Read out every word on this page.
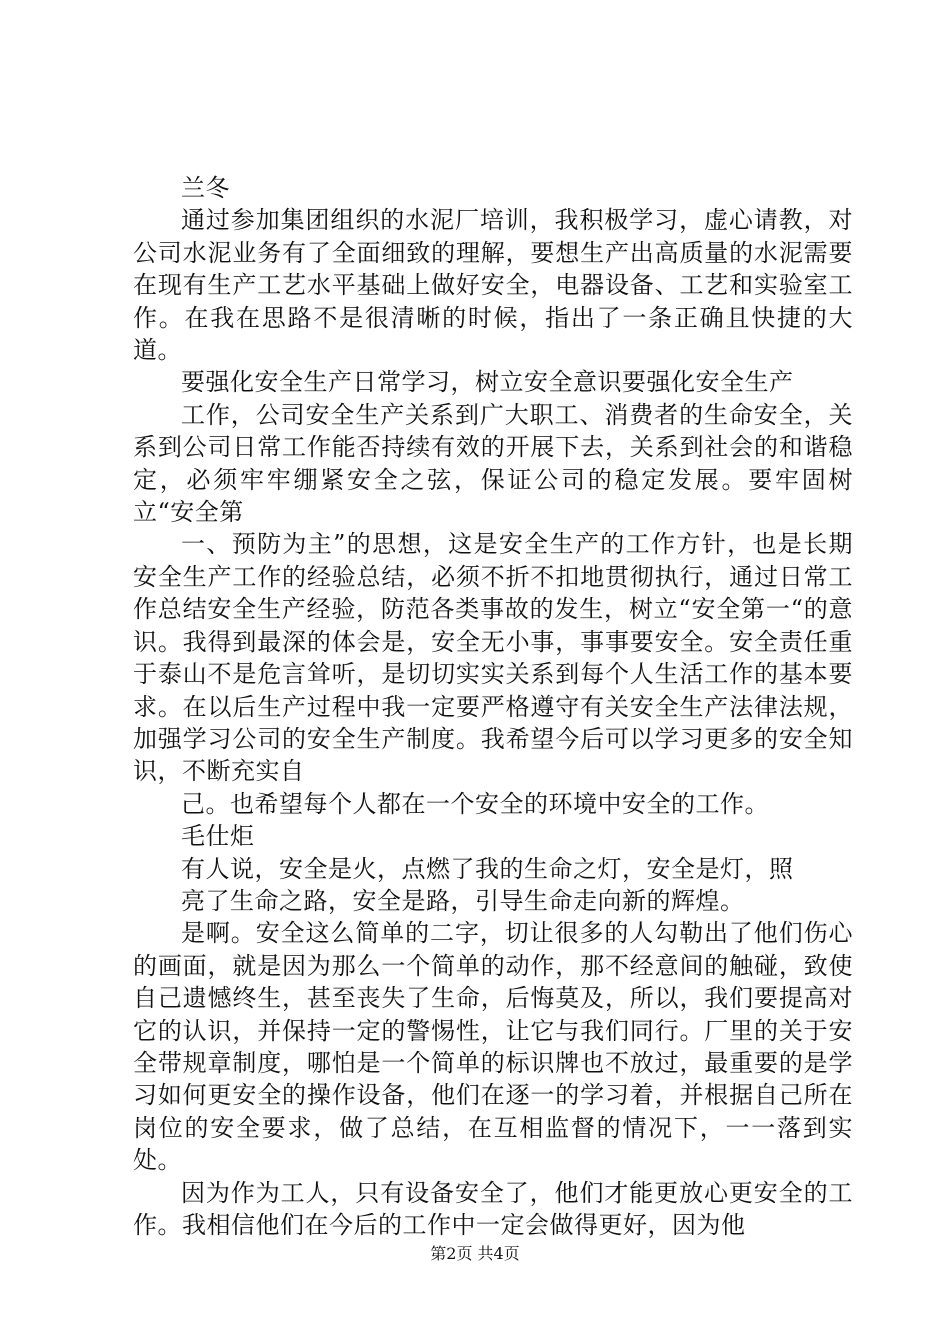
兰冬

通过参加集团组织的水泥厂培训，我积极学习，虚心请教，对公司水泥业务有了全面细致的理解，要想生产出高质量的水泥需要在现有生产工艺水平基础上做好安全，电器设备、工艺和实验室工作。在我在思路不是很清晰的时候，指出了一条正确且快捷的大道。

要强化安全生产日常学习，树立安全意识要强化安全生产

工作，公司安全生产关系到广大职工、消费者的生命安全，关系到公司日常工作能否持续有效的开展下去，关系到社会的和谐稳定，必须牢牢绷紧安全之弦，保证公司的稳定发展。要牢固树立“安全第

一、预防为主”的思想，这是安全生产的工作方针，也是长期安全生产工作的经验总结，必须不折不扣地贯彻执行，通过日常工作总结安全生产经验，防范各类事故的发生，树立“安全第一“的意识。我得到最深的体会是，安全无小事，事事要安全。安全责任重于泰山不是危言耸听，是切切实实关系到每个人生活工作的基本要求。在以后生产过程中我一定要严格遵守有关安全生产法律法规，加强学习公司的安全生产制度。我希望今后可以学习更多的安全知识，不断充实自

己。也希望每个人都在一个安全的环境中安全的工作。

毛仕炬

有人说，安全是火，点燃了我的生命之灯，安全是灯，照

亮了生命之路，安全是路，引导生命走向新的辉煌。

是啊。安全这么简单的二字，切让很多的人勾勒出了他们伤心的画面，就是因为那么一个简单的动作，那不经意间的触碰，致使自己遗憾终生，甚至丧失了生命，后悔莫及，所以，我们要提高对它的认识，并保持一定的警惕性，让它与我们同行。厂里的关于安全带规章制度，哪怕是一个简单的标识牌也不放过，最重要的是学习如何更安全的操作设备，他们在逐一的学习着，并根据自己所在岗位的安全要求，做了总结，在互相监督的情况下，一一落到实处。

因为作为工人，只有设备安全了，他们才能更放心更安全的工作。我相信他们在今后的工作中一定会做得更好，因为他

第2页 共4页
